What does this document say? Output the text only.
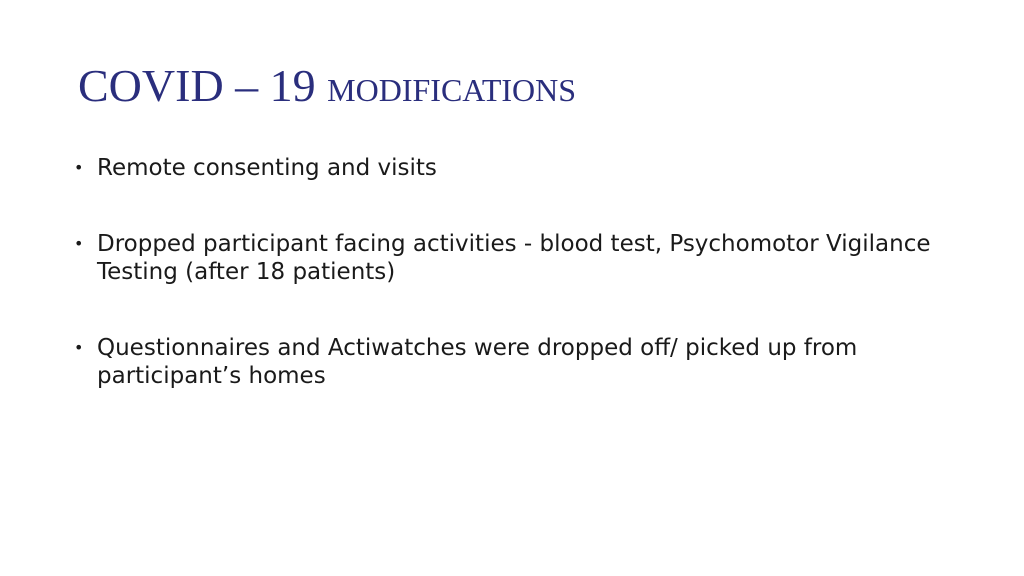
COVID – 19 modifications
• Remote consenting and visits
• Dropped participant facing activities - blood test, Psychomotor Vigilance Testing (after 18 patients)
• Questionnaires and Actiwatches were dropped off/ picked up from participant’s homes
